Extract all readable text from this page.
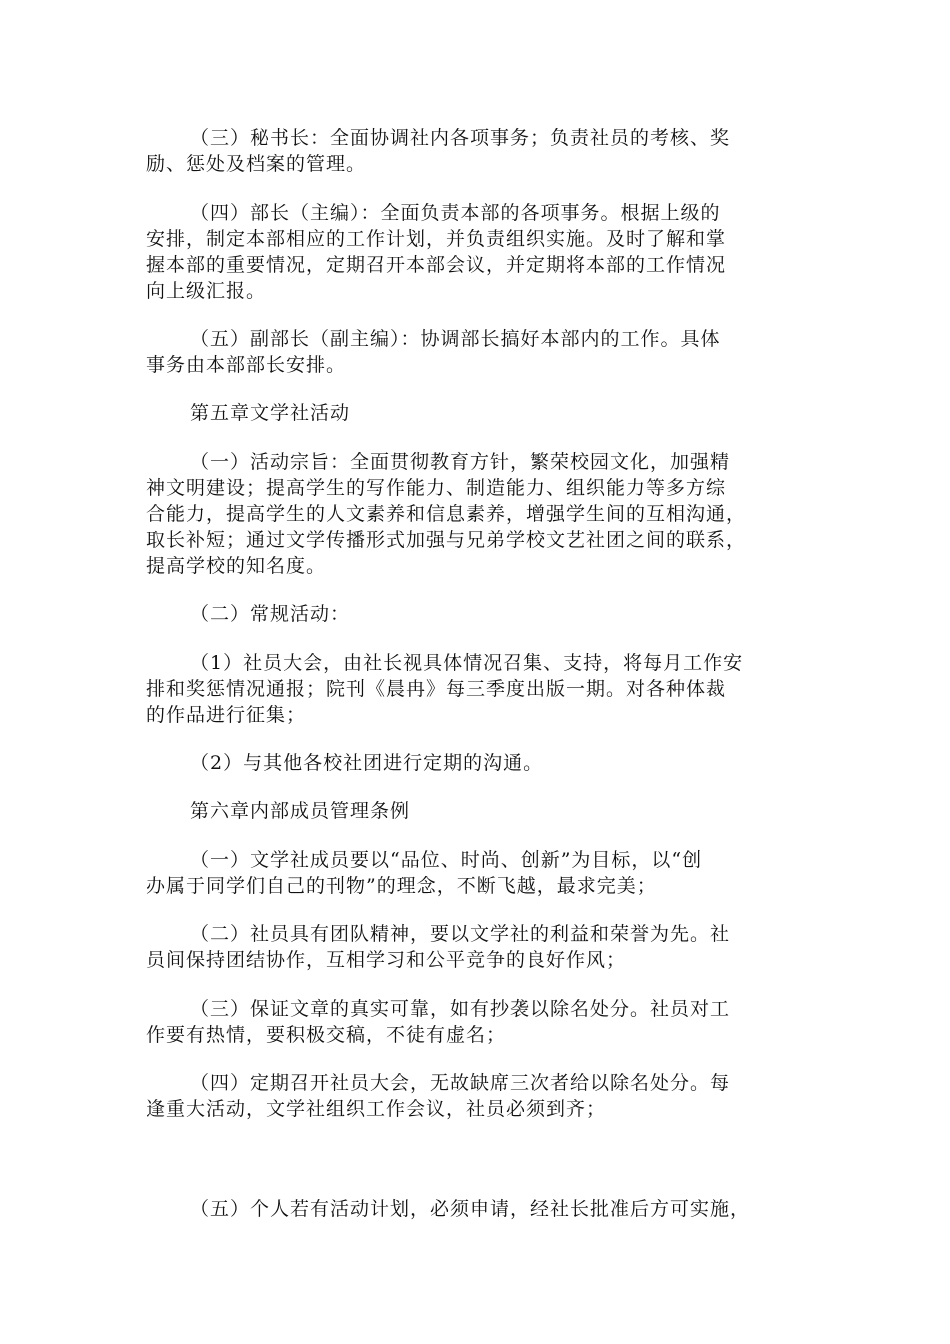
（三）秘书长：全面协调社内各项事务；负责社员的考核、奖
励、惩处及档案的管理。
（四）部长（主编）：全面负责本部的各项事务。根据上级的
安排，制定本部相应的工作计划，并负责组织实施。及时了解和掌
握本部的重要情况，定期召开本部会议，并定期将本部的工作情况
向上级汇报。
（五）副部长（副主编）：协调部长搞好本部内的工作。具体
事务由本部部长安排。
第五章文学社活动
（一）活动宗旨：全面贯彻教育方针，繁荣校园文化，加强精
神文明建设；提高学生的写作能力、制造能力、组织能力等多方综
合能力，提高学生的人文素养和信息素养，增强学生间的互相沟通，
取长补短；通过文学传播形式加强与兄弟学校文艺社团之间的联系，
提高学校的知名度。
（二）常规活动：
（1）社员大会，由社长视具体情况召集、支持，将每月工作安
排和奖惩情况通报；院刊《晨冉》每三季度出版一期。对各种体裁
的作品进行征集；
（2）与其他各校社团进行定期的沟通。
第六章内部成员管理条例
（一）文学社成员要以“品位、时尚、创新”为目标，以“创
办属于同学们自己的刊物”的理念，不断飞越，最求完美；
（二）社员具有团队精神，要以文学社的利益和荣誉为先。社
员间保持团结协作，互相学习和公平竞争的良好作风；
（三）保证文章的真实可靠，如有抄袭以除名处分。社员对工
作要有热情，要积极交稿，不徒有虚名；
（四）定期召开社员大会，无故缺席三次者给以除名处分。每
逢重大活动，文学社组织工作会议，社员必须到齐；
（五）个人若有活动计划，必须申请，经社长批准后方可实施，
